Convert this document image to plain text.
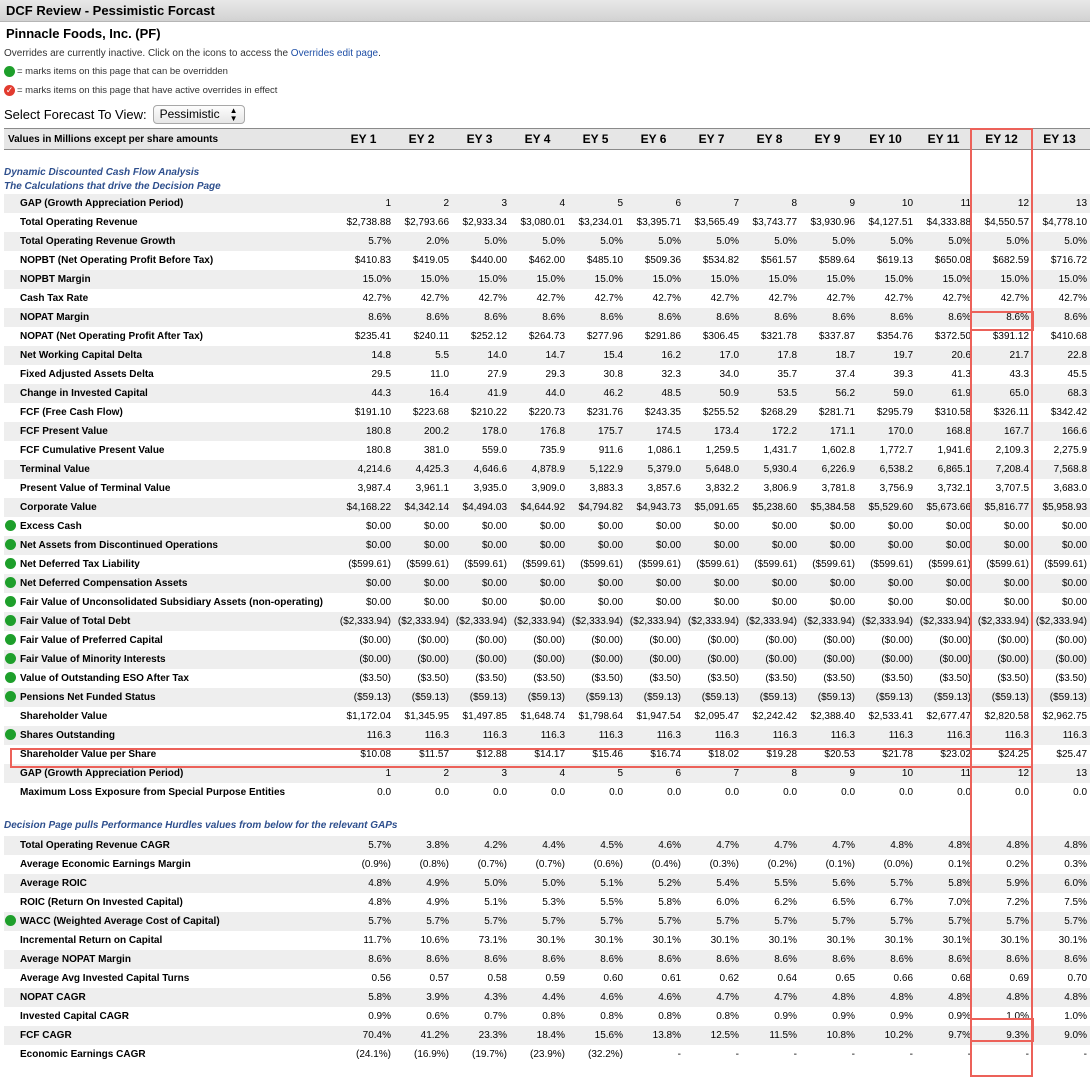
DCF Review - Pessimistic Forcast
Pinnacle Foods, Inc. (PF)
Overrides are currently inactive. Click on the icons to access the Overrides edit page.
= marks items on this page that can be overridden
✓ = marks items on this page that have active overrides in effect
Select Forecast To View: Pessimistic ▲
▼
Values in Millions except per share amounts		EY 1	EY 2	EY 3	EY 4	EY 5	EY 6	EY 7	EY 8	EY 9	EY 10	EY 11	EY 12	EY 13

Dynamic Discounted Cash Flow Analysis
The Calculations that drive the Decision Page														

	GAP (Growth Appreciation Period)	1	2	3	4	5	6	7	8	9	10	11	12	13
	Total Operating Revenue	$2,738.88	$2,793.66	$2,933.34	$3,080.01	$3,234.01	$3,395.71	$3,565.49	$3,743.77	$3,930.96	$4,127.51	$4,333.88	$4,550.57	$4,778.10
	Total Operating Revenue Growth	5.7%	2.0%	5.0%	5.0%	5.0%	5.0%	5.0%	5.0%	5.0%	5.0%	5.0%	5.0%	5.0%
	NOPBT (Net Operating Profit Before Tax)	$410.83	$419.05	$440.00	$462.00	$485.10	$509.36	$534.82	$561.57	$589.64	$619.13	$650.08	$682.59	$716.72
	NOPBT Margin	15.0%	15.0%	15.0%	15.0%	15.0%	15.0%	15.0%	15.0%	15.0%	15.0%	15.0%	15.0%	15.0%
	Cash Tax Rate	42.7%	42.7%	42.7%	42.7%	42.7%	42.7%	42.7%	42.7%	42.7%	42.7%	42.7%	42.7%	42.7%
	NOPAT Margin	8.6%	8.6%	8.6%	8.6%	8.6%	8.6%	8.6%	8.6%	8.6%	8.6%	8.6%	8.6%	8.6%
	NOPAT (Net Operating Profit After Tax)	$235.41	$240.11	$252.12	$264.73	$277.96	$291.86	$306.45	$321.78	$337.87	$354.76	$372.50	$391.12	$410.68
	Net Working Capital Delta	14.8	5.5	14.0	14.7	15.4	16.2	17.0	17.8	18.7	19.7	20.6	21.7	22.8
	Fixed Adjusted Assets Delta	29.5	11.0	27.9	29.3	30.8	32.3	34.0	35.7	37.4	39.3	41.3	43.3	45.5
	Change in Invested Capital	44.3	16.4	41.9	44.0	46.2	48.5	50.9	53.5	56.2	59.0	61.9	65.0	68.3
	FCF (Free Cash Flow)	$191.10	$223.68	$210.22	$220.73	$231.76	$243.35	$255.52	$268.29	$281.71	$295.79	$310.58	$326.11	$342.42
	FCF Present Value	180.8	200.2	178.0	176.8	175.7	174.5	173.4	172.2	171.1	170.0	168.8	167.7	166.6
	FCF Cumulative Present Value	180.8	381.0	559.0	735.9	911.6	1,086.1	1,259.5	1,431.7	1,602.8	1,772.7	1,941.6	2,109.3	2,275.9
	Terminal Value	4,214.6	4,425.3	4,646.6	4,878.9	5,122.9	5,379.0	5,648.0	5,930.4	6,226.9	6,538.2	6,865.1	7,208.4	7,568.8
	Present Value of Terminal Value	3,987.4	3,961.1	3,935.0	3,909.0	3,883.3	3,857.6	3,832.2	3,806.9	3,781.8	3,756.9	3,732.1	3,707.5	3,683.0
	Corporate Value	$4,168.22	$4,342.14	$4,494.03	$4,644.92	$4,794.82	$4,943.73	$5,091.65	$5,238.60	$5,384.58	$5,529.60	$5,673.66	$5,816.77	$5,958.93
	Excess Cash	$0.00	$0.00	$0.00	$0.00	$0.00	$0.00	$0.00	$0.00	$0.00	$0.00	$0.00	$0.00	$0.00
	Net Assets from Discontinued Operations	$0.00	$0.00	$0.00	$0.00	$0.00	$0.00	$0.00	$0.00	$0.00	$0.00	$0.00	$0.00	$0.00
	Net Deferred Tax Liability	($599.61)	($599.61)	($599.61)	($599.61)	($599.61)	($599.61)	($599.61)	($599.61)	($599.61)	($599.61)	($599.61)	($599.61)	($599.61)
	Net Deferred Compensation Assets	$0.00	$0.00	$0.00	$0.00	$0.00	$0.00	$0.00	$0.00	$0.00	$0.00	$0.00	$0.00	$0.00
	Fair Value of Unconsolidated Subsidiary Assets (non-operating)	$0.00	$0.00	$0.00	$0.00	$0.00	$0.00	$0.00	$0.00	$0.00	$0.00	$0.00	$0.00	$0.00
	Fair Value of Total Debt	($2,333.94)	($2,333.94)	($2,333.94)	($2,333.94)	($2,333.94)	($2,333.94)	($2,333.94)	($2,333.94)	($2,333.94)	($2,333.94)	($2,333.94)	($2,333.94)	($2,333.94)
	Fair Value of Preferred Capital	($0.00)	($0.00)	($0.00)	($0.00)	($0.00)	($0.00)	($0.00)	($0.00)	($0.00)	($0.00)	($0.00)	($0.00)	($0.00)
	Fair Value of Minority Interests	($0.00)	($0.00)	($0.00)	($0.00)	($0.00)	($0.00)	($0.00)	($0.00)	($0.00)	($0.00)	($0.00)	($0.00)	($0.00)
	Value of Outstanding ESO After Tax	($3.50)	($3.50)	($3.50)	($3.50)	($3.50)	($3.50)	($3.50)	($3.50)	($3.50)	($3.50)	($3.50)	($3.50)	($3.50)
	Pensions Net Funded Status	($59.13)	($59.13)	($59.13)	($59.13)	($59.13)	($59.13)	($59.13)	($59.13)	($59.13)	($59.13)	($59.13)	($59.13)	($59.13)
	Shareholder Value	$1,172.04	$1,345.95	$1,497.85	$1,648.74	$1,798.64	$1,947.54	$2,095.47	$2,242.42	$2,388.40	$2,533.41	$2,677.47	$2,820.58	$2,962.75
	Shares Outstanding	116.3	116.3	116.3	116.3	116.3	116.3	116.3	116.3	116.3	116.3	116.3	116.3	116.3
	Shareholder Value per Share	$10.08	$11.57	$12.88	$14.17	$15.46	$16.74	$18.02	$19.28	$20.53	$21.78	$23.02	$24.25	$25.47
	GAP (Growth Appreciation Period)	1	2	3	4	5	6	7	8	9	10	11	12	13
	Maximum Loss Exposure from Special Purpose Entities	0.0	0.0	0.0	0.0	0.0	0.0	0.0	0.0	0.0	0.0	0.0	0.0	0.0

Decision Page pulls Performance Hurdles values from below for the relevant GAPs														
	Total Operating Revenue CAGR	5.7%	3.8%	4.2%	4.4%	4.5%	4.6%	4.7%	4.7%	4.7%	4.8%	4.8%	4.8%	4.8%
	Average Economic Earnings Margin	(0.9%)	(0.8%)	(0.7%)	(0.7%)	(0.6%)	(0.4%)	(0.3%)	(0.2%)	(0.1%)	(0.0%)	0.1%	0.2%	0.3%
	Average ROIC	4.8%	4.9%	5.0%	5.0%	5.1%	5.2%	5.4%	5.5%	5.6%	5.7%	5.8%	5.9%	6.0%
	ROIC (Return On Invested Capital)	4.8%	4.9%	5.1%	5.3%	5.5%	5.8%	6.0%	6.2%	6.5%	6.7%	7.0%	7.2%	7.5%
	WACC (Weighted Average Cost of Capital)	5.7%	5.7%	5.7%	5.7%	5.7%	5.7%	5.7%	5.7%	5.7%	5.7%	5.7%	5.7%	5.7%
	Incremental Return on Capital	11.7%	10.6%	73.1%	30.1%	30.1%	30.1%	30.1%	30.1%	30.1%	30.1%	30.1%	30.1%	30.1%
	Average NOPAT Margin	8.6%	8.6%	8.6%	8.6%	8.6%	8.6%	8.6%	8.6%	8.6%	8.6%	8.6%	8.6%	8.6%
	Average Avg Invested Capital Turns	0.56	0.57	0.58	0.59	0.60	0.61	0.62	0.64	0.65	0.66	0.68	0.69	0.70
	NOPAT CAGR	5.8%	3.9%	4.3%	4.4%	4.6%	4.6%	4.7%	4.7%	4.8%	4.8%	4.8%	4.8%	4.8%
	Invested Capital CAGR	0.9%	0.6%	0.7%	0.8%	0.8%	0.8%	0.8%	0.9%	0.9%	0.9%	0.9%	1.0%	1.0%
	FCF CAGR	70.4%	41.2%	23.3%	18.4%	15.6%	13.8%	12.5%	11.5%	10.8%	10.2%	9.7%	9.3%	9.0%
	Economic Earnings CAGR	(24.1%)	(16.9%)	(19.7%)	(23.9%)	(32.2%)	-	-	-	-	-	-	-	-
